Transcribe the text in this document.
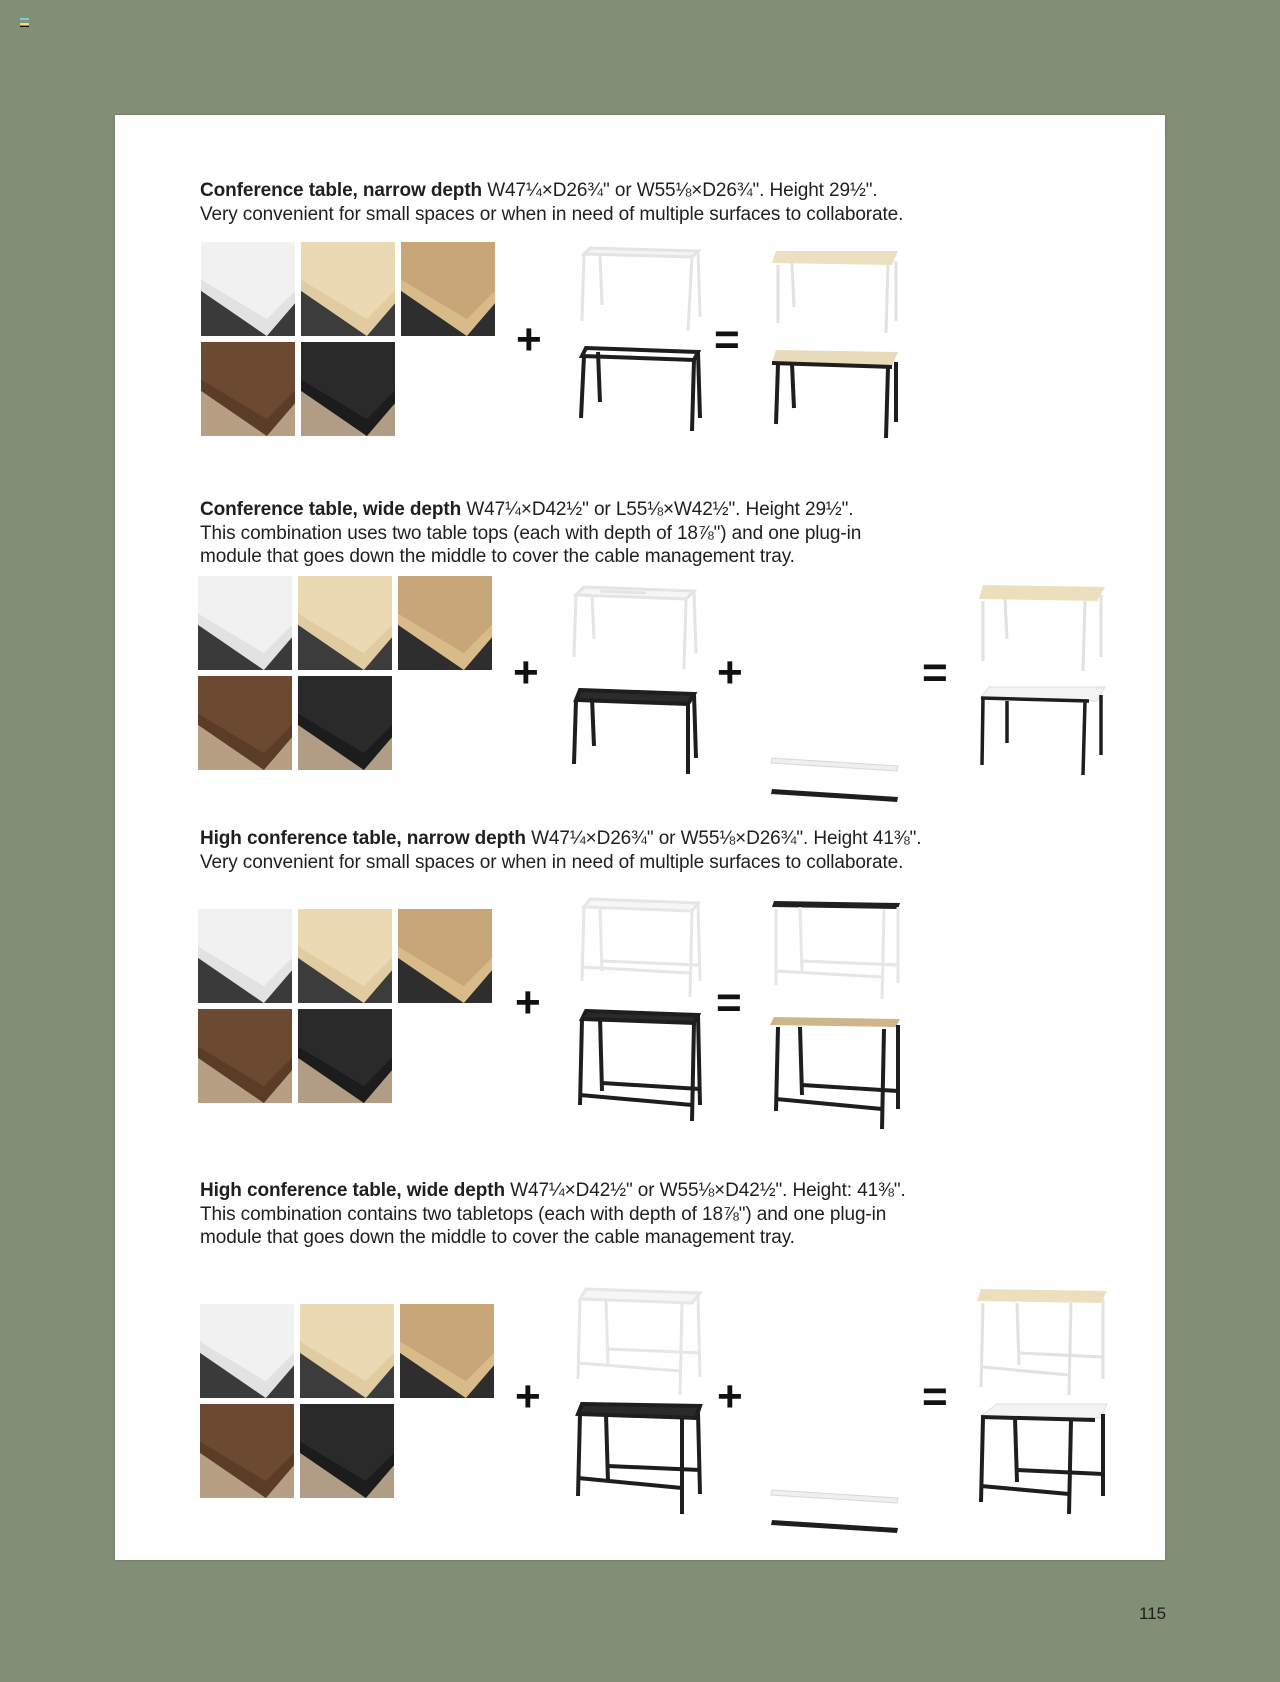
Conference table, narrow depth W47¼×D26¾" or W55⅛×D26¾". Height 29½".
Very convenient for small spaces or when in need of multiple surfaces to collaborate.
+	=
Conference table, wide depth W47¼×D42½" or L55⅛×W42½". Height 29½".
This combination uses two table tops (each with depth of 18⅞") and one plug-in
module that goes down the middle to cover the cable management tray.
+	+	=
High conference table, narrow depth W47¼×D26¾" or W55⅛×D26¾". Height 41⅜".
Very convenient for small spaces or when in need of multiple surfaces to collaborate.
+	=
High conference table, wide depth W47¼×D42½" or W55⅛×D42½". Height: 41⅜".
This combination contains two tabletops (each with depth of 18⅞") and one plug-in
module that goes down the middle to cover the cable management tray.
+	+	=
115
